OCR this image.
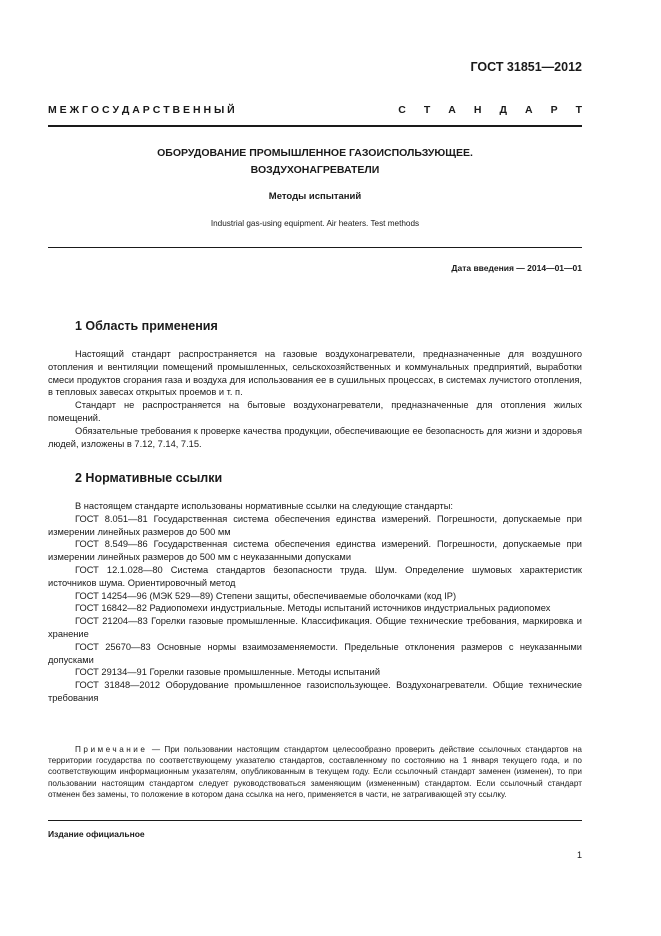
ГОСТ 31851—2012
М Е Ж Г О С У Д А Р С Т В Е Н Н Ы Й	С Т А Н Д А Р Т
ОБОРУДОВАНИЕ ПРОМЫШЛЕННОЕ ГАЗОИСПОЛЬЗУЮЩЕЕ.
ВОЗДУХОНАГРЕВАТЕЛИ
Методы испытаний
Industrial gas-using equipment. Air heaters. Test methods
Дата введения — 2014—01—01
1 Область применения

Настоящий стандарт распространяется на газовые воздухонагреватели, предназначенные для воздушного отопления и вентиляции помещений промышленных, сельскохозяйственных и коммунальных предприятий, выработки смеси продуктов сгорания газа и воздуха для использования ее в сушильных процессах, в системах лучистого отопления, в тепловых завесах открытых проемов и т. п.

Стандарт не распространяется на бытовые воздухонагреватели, предназначенные для отопления жилых помещений.

Обязательные требования к проверке качества продукции, обеспечивающие ее безопасность для жизни и здоровья людей, изложены в 7.12, 7.14, 7.15.

2 Нормативные ссылки

В настоящем стандарте использованы нормативные ссылки на следующие стандарты:

ГОСТ 8.051—81 Государственная система обеспечения единства измерений. Погрешности, допускаемые при измерении линейных размеров до 500 мм

ГОСТ 8.549—86 Государственная система обеспечения единства измерений. Погрешности, допускаемые при измерении линейных размеров до 500 мм с неуказанными допусками

ГОСТ 12.1.028—80 Система стандартов безопасности труда. Шум. Определение шумовых характеристик источников шума. Ориентировочный метод

ГОСТ 14254—96 (МЭК 529—89) Степени защиты, обеспечиваемые оболочками (код IP)

ГОСТ 16842—82 Радиопомехи индустриальные. Методы испытаний источников индустриальных радиопомех

ГОСТ 21204—83 Горелки газовые промышленные. Классификация. Общие технические требования, маркировка и хранение

ГОСТ 25670—83 Основные нормы взаимозаменяемости. Предельные отклонения размеров с неуказанными допусками

ГОСТ 29134—91 Горелки газовые промышленные. Методы испытаний

ГОСТ 31848—2012 Оборудование промышленное газоиспользующее. Воздухонагреватели. Общие технические требования

Примечание — При пользовании настоящим стандартом целесообразно проверить действие ссылочных стандартов на территории государства по соответствующему указателю стандартов, составленному по состоянию на 1 января текущего года, и по соответствующим информационным указателям, опубликованным в текущем году. Если ссылочный стандарт заменен (изменен), то при пользовании настоящим стандартом следует руководствоваться заменяющим (измененным) стандартом. Если ссылочный стандарт отменен без замены, то положение в котором дана ссылка на него, применяется в части, не затрагивающей эту ссылку.

Издание официальное
1
